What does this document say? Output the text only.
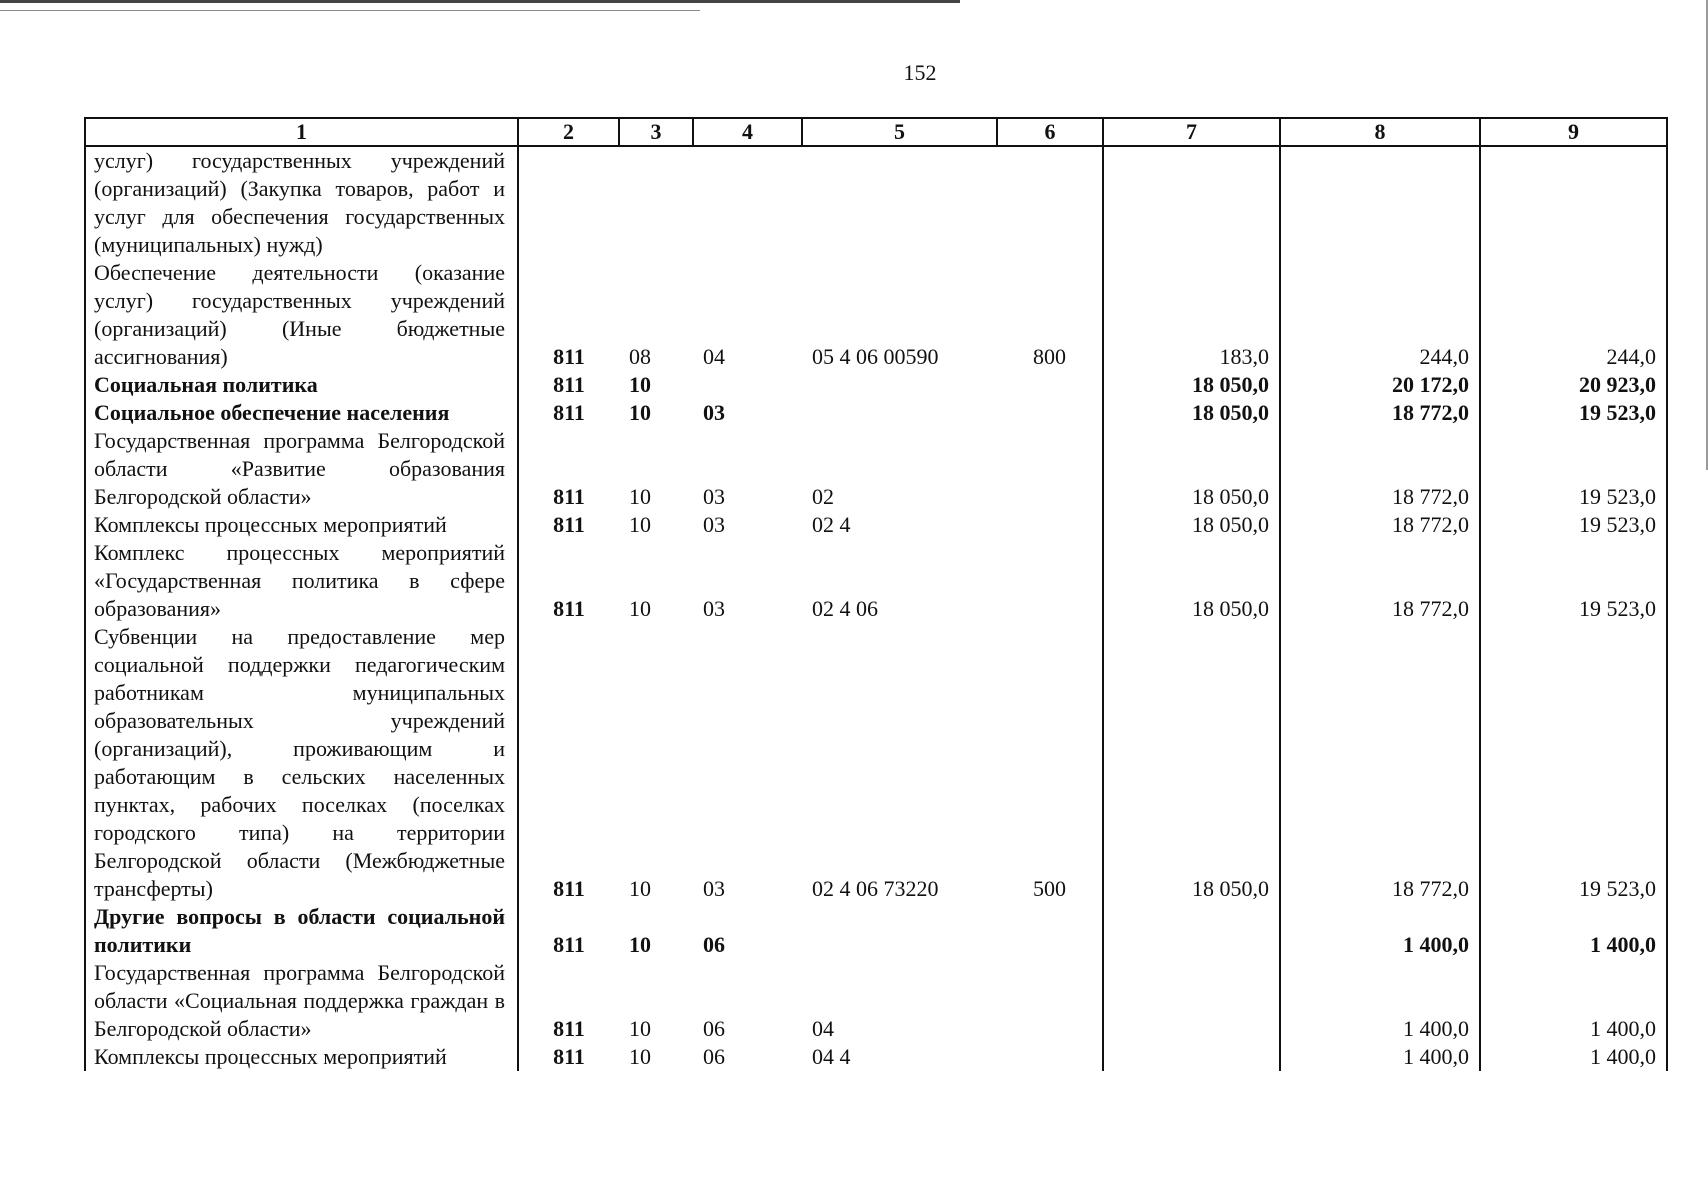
152
1	2	3	4	5	6	7	8	9
услуг) государственных учреждений (организаций) (Закупка товаров, работ и услуг для обеспечения государственных (муниципальных) нужд)								
Обеспечение деятельности (оказание услуг) государственных учреждений (организаций) (Иные бюджетные ассигнования)	811	08	04	05 4 06 00590	800	183,0	244,0	244,0
Социальная политика	811	10				18 050,0	20 172,0	20 923,0
Социальное обеспечение населения	811	10	03			18 050,0	18 772,0	19 523,0
Государственная программа Белгородской области «Развитие образования Белгородской области»	811	10	03	02		18 050,0	18 772,0	19 523,0
Комплексы процессных мероприятий	811	10	03	02 4		18 050,0	18 772,0	19 523,0
Комплекс процессных мероприятий «Государственная политика в сфере образования»	811	10	03	02 4 06		18 050,0	18 772,0	19 523,0
Субвенции на предоставление мер социальной поддержки педагогическим работникам муниципальных образовательных учреждений (организаций), проживающим и работающим в сельских населенных пунктах, рабочих поселках (поселках городского типа) на территории Белгородской области (Межбюджетные трансферты)	811	10	03	02 4 06 73220	500	18 050,0	18 772,0	19 523,0
Другие вопросы в области социальной политики	811	10	06				1 400,0	1 400,0
Государственная программа Белгородской области «Социальная поддержка граждан в Белгородской области»	811	10	06	04			1 400,0	1 400,0
Комплексы процессных мероприятий	811	10	06	04 4			1 400,0	1 400,0
